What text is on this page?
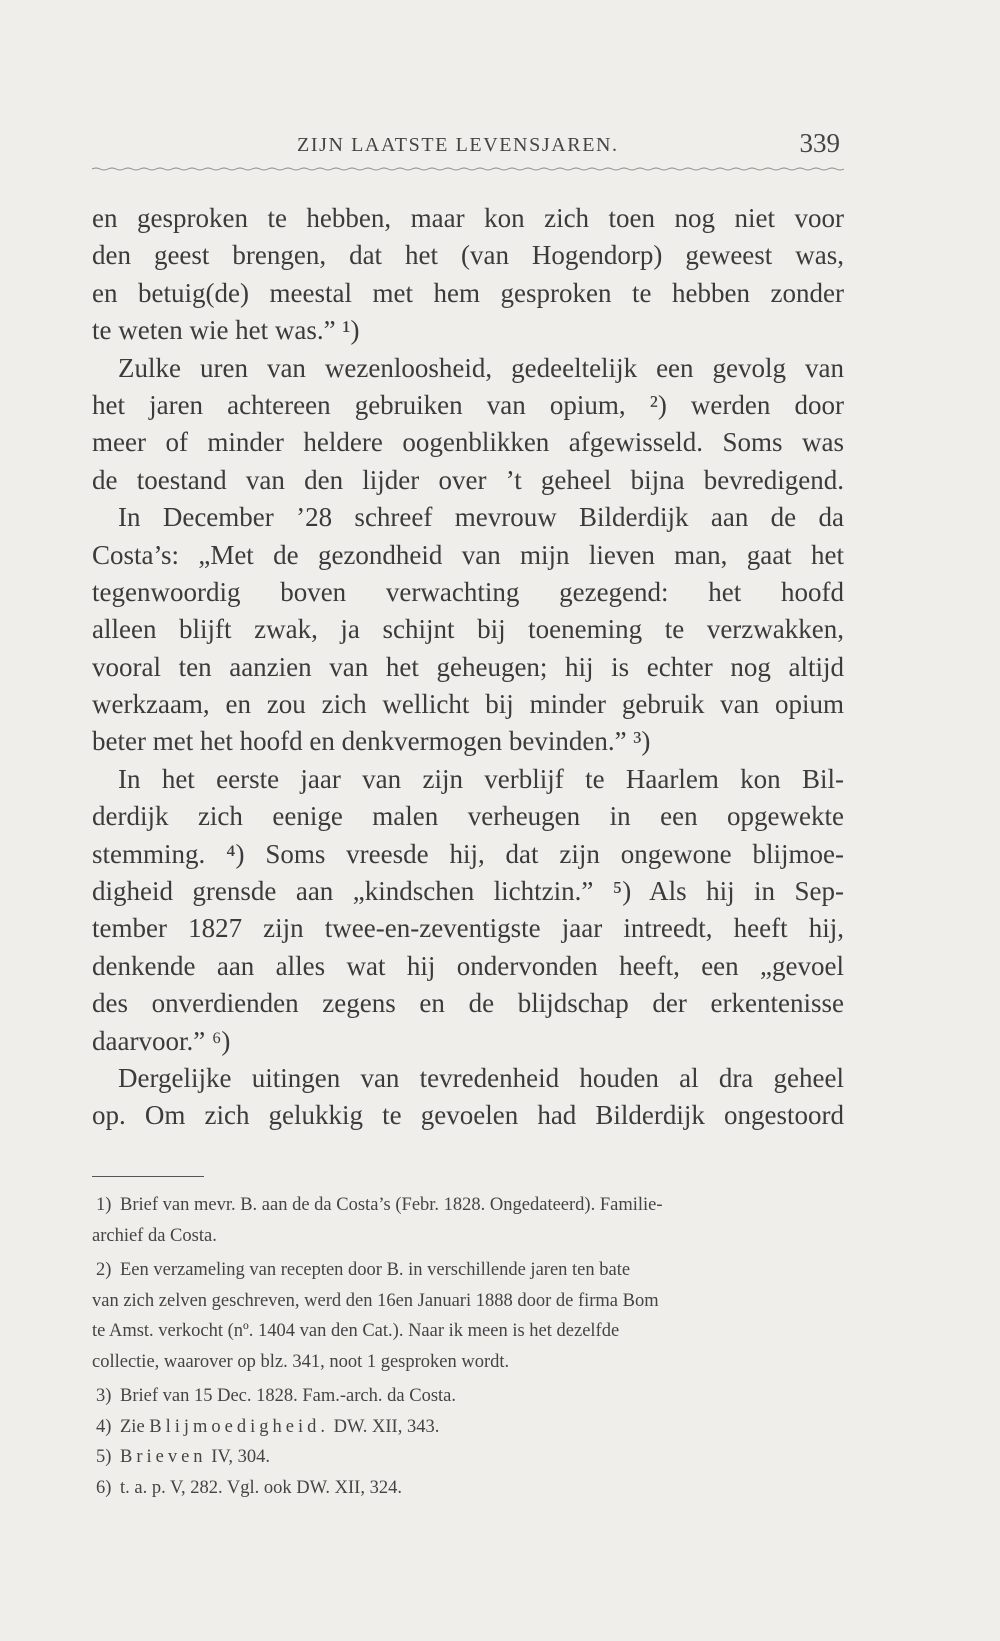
ZIJN LAATSTE LEVENSJAREN.	339
en gesproken te hebben, maar kon zich toen nog niet voor
den geest brengen, dat het (van Hogendorp) geweest was,
en betuig(de) meestal met hem gesproken te hebben zonder
te weten wie het was.” ¹)
Zulke uren van wezenloosheid, gedeeltelijk een gevolg van
het jaren achtereen gebruiken van opium, ²) werden door
meer of minder heldere oogenblikken afgewisseld. Soms was
de toestand van den lijder over ’t geheel bijna bevredigend.
In December ’28 schreef mevrouw Bilderdijk aan de da
Costa’s: „Met de gezondheid van mijn lieven man, gaat het
tegenwoordig boven verwachting gezegend: het hoofd
alleen blijft zwak, ja schijnt bij toeneming te verzwakken,
vooral ten aanzien van het geheugen; hij is echter nog altijd
werkzaam, en zou zich wellicht bij minder gebruik van opium
beter met het hoofd en denkvermogen bevinden.” ³)
In het eerste jaar van zijn verblijf te Haarlem kon Bil-
derdijk zich eenige malen verheugen in een opgewekte
stemming. ⁴) Soms vreesde hij, dat zijn ongewone blijmoe-
digheid grensde aan „kindschen lichtzin.” ⁵) Als hij in Sep-
tember 1827 zijn twee-en-zeventigste jaar intreedt, heeft hij,
denkende aan alles wat hij ondervonden heeft, een „gevoel
des onverdienden zegens en de blijdschap der erkentenisse
daarvoor.” ⁶)
Dergelijke uitingen van tevredenheid houden al dra geheel
op. Om zich gelukkig te gevoelen had Bilderdijk ongestoord
1) Brief van mevr. B. aan de da Costa’s (Febr. 1828. Ongedateerd). Familie-
archief da Costa.
2) Een verzameling van recepten door B. in verschillende jaren ten bate
van zich zelven geschreven, werd den 16en Januari 1888 door de firma Bom
te Amst. verkocht (nº. 1404 van den Cat.). Naar ik meen is het dezelfde
collectie, waarover op blz. 341, noot 1 gesproken wordt.
3) Brief van 15 Dec. 1828. Fam.-arch. da Costa.
4) Zie Blijmoedigheid. DW. XII, 343.
5) Brieven IV, 304.
6) t. a. p. V, 282. Vgl. ook DW. XII, 324.
